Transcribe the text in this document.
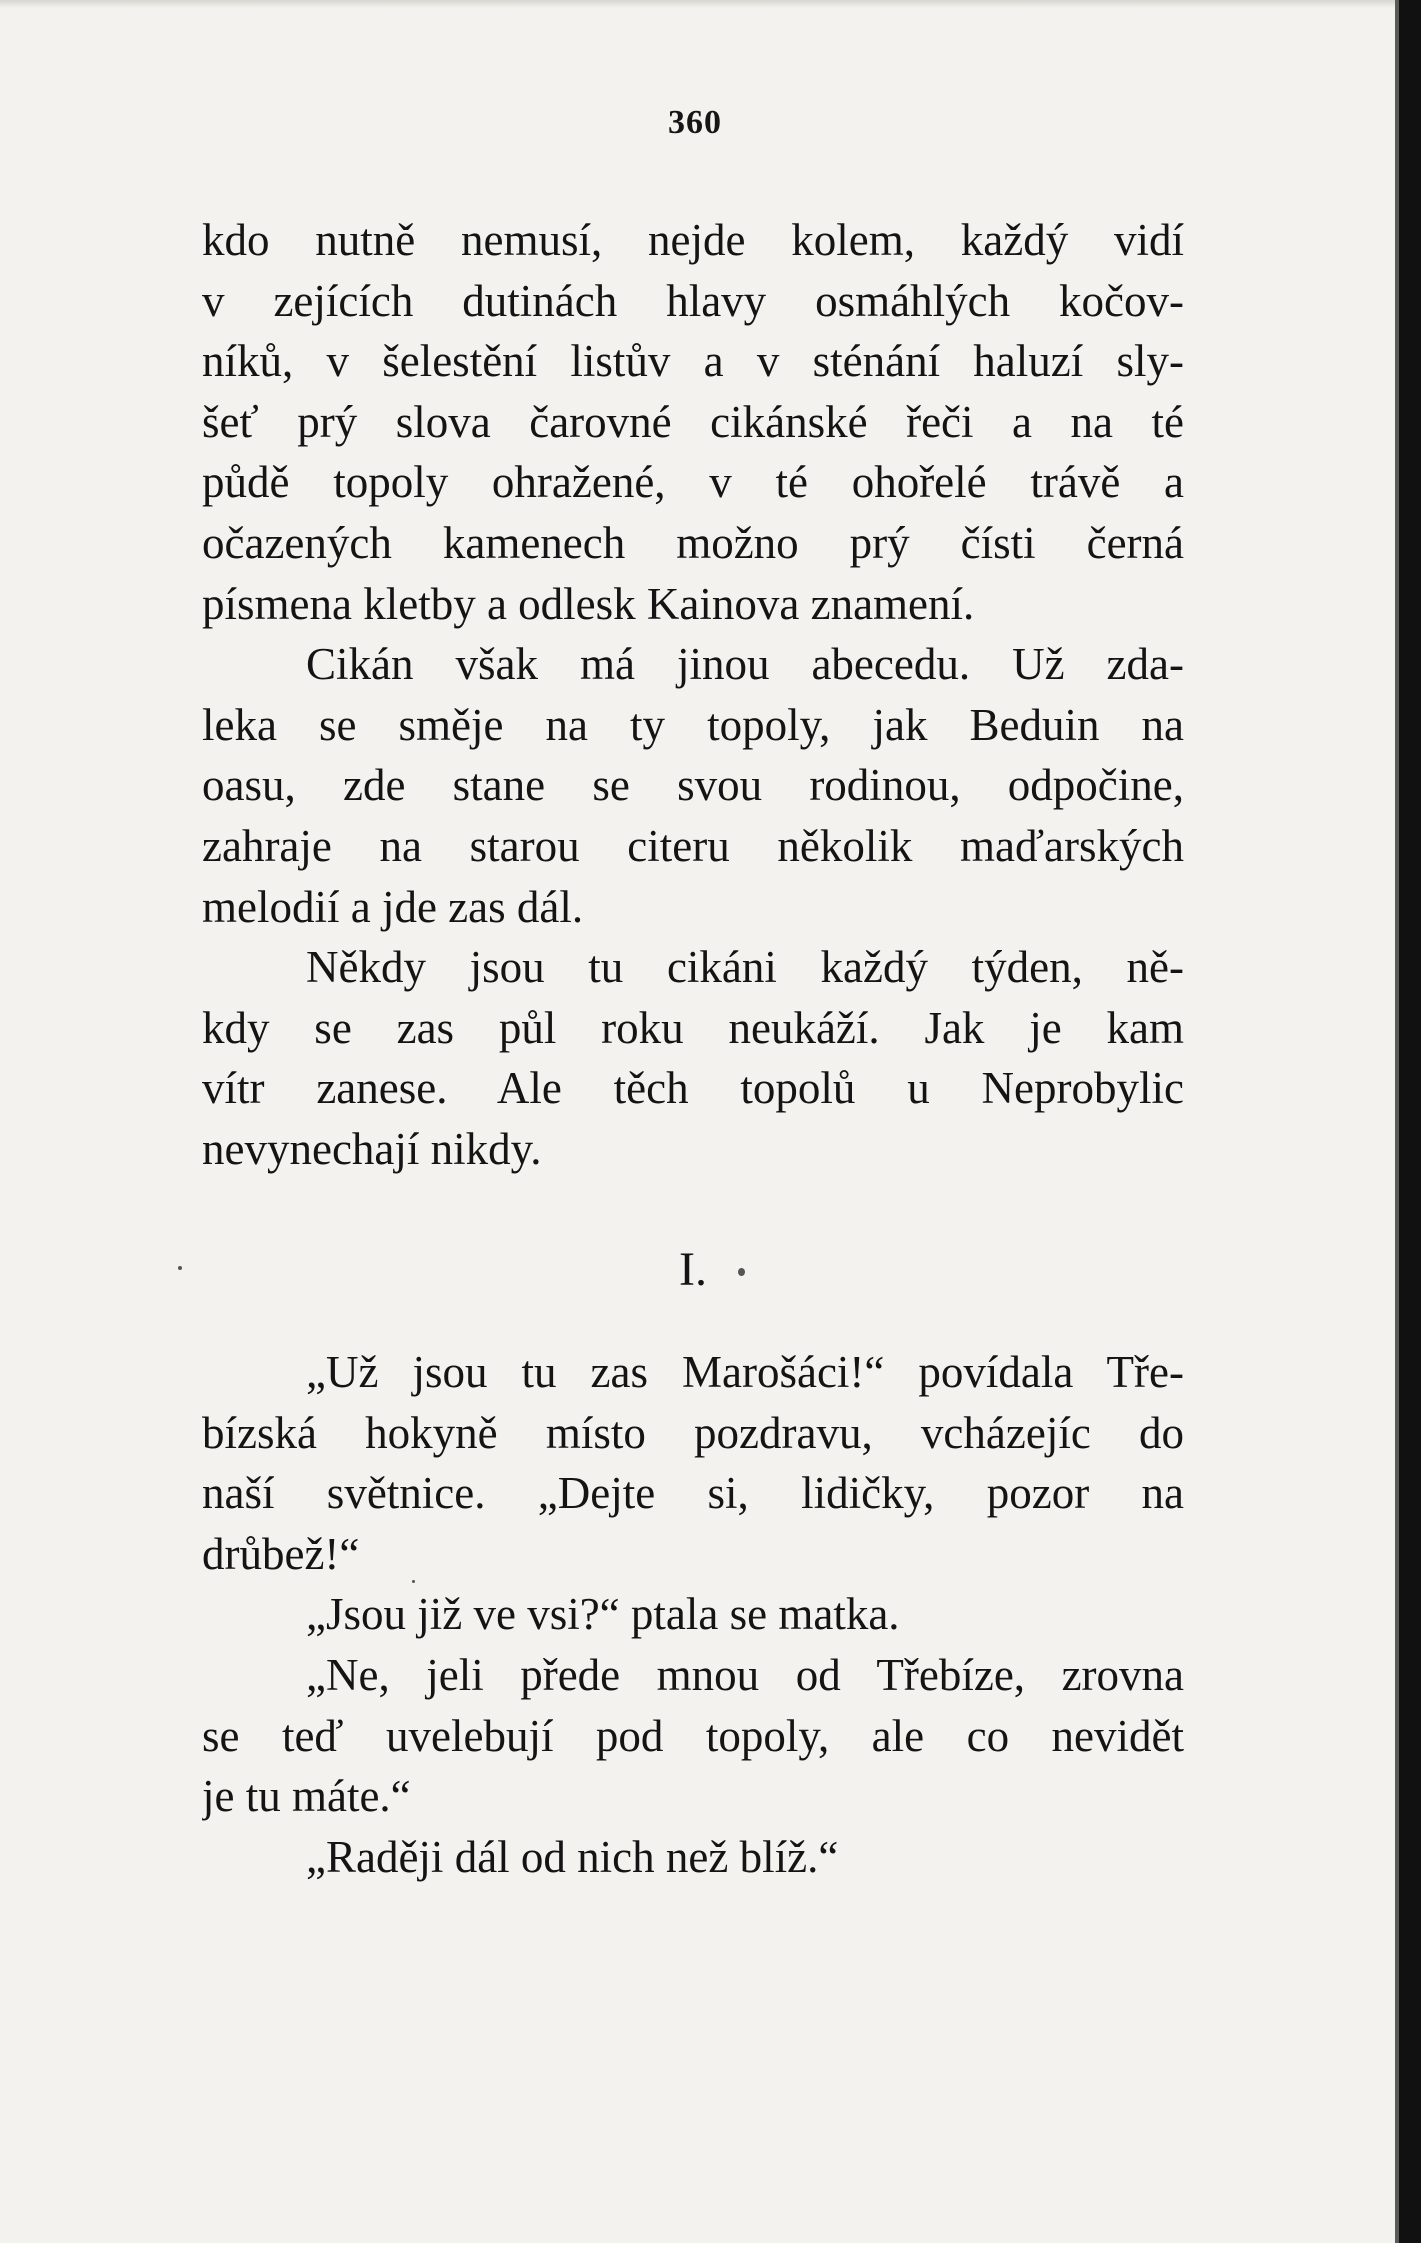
360
kdo nutně nemusí, nejde kolem, každý vidí
v zejících dutinách hlavy osmáhlých kočov-
níků, v šelestění listův a v sténání haluzí sly-
šeť prý slova čarovné cikánské řeči a na té
půdě topoly ohražené, v té ohořelé trávě a
očazených kamenech možno prý čísti černá
písmena kletby a odlesk Kainova znamení.
Cikán však má jinou abecedu. Už zda-
leka se směje na ty topoly, jak Beduin na
oasu, zde stane se svou rodinou, odpočine,
zahraje na starou citeru několik maďarských
melodií a jde zas dál.
Někdy jsou tu cikáni každý týden, ně-
kdy se zas půl roku neukáží. Jak je kam
vítr zanese. Ale těch topolů u Neprobylic
nevynechají nikdy.
I.
„Už jsou tu zas Marošáci!“ povídala Tře-
bízská hokyně místo pozdravu, vcházejíc do
naší světnice. „Dejte si, lidičky, pozor na
drůbež!“
„Jsou již ve vsi?“ ptala se matka.
„Ne, jeli přede mnou od Třebíze, zrovna
se teď uvelebují pod topoly, ale co nevidět
je tu máte.“
„Raději dál od nich než blíž.“
